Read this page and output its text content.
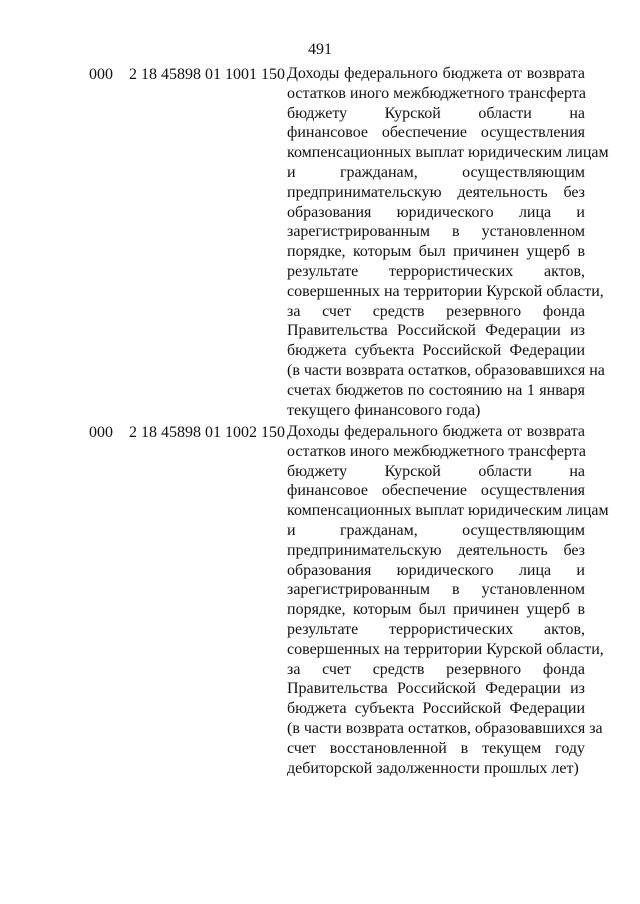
491
000 2 18 45898 01 1001 150 Доходы федерального бюджета от возврата
остатков иного межбюджетного трансферта
бюджету Курской области на
финансовое обеспечение осуществления
компенсационных выплат юридическим лицам
и гражданам, осуществляющим
предпринимательскую деятельность без
образования юридического лица и
зарегистрированным в установленном
порядке, которым был причинен ущерб в
результате террористических актов,
совершенных на территории Курской области,
за счет средств резервного фонда
Правительства Российской Федерации из
бюджета субъекта Российской Федерации
(в части возврата остатков, образовавшихся на
счетах бюджетов по состоянию на 1 января
текущего финансового года)
000 2 18 45898 01 1002 150 Доходы федерального бюджета от возврата
остатков иного межбюджетного трансферта
бюджету Курской области на
финансовое обеспечение осуществления
компенсационных выплат юридическим лицам
и гражданам, осуществляющим
предпринимательскую деятельность без
образования юридического лица и
зарегистрированным в установленном
порядке, которым был причинен ущерб в
результате террористических актов,
совершенных на территории Курской области,
за счет средств резервного фонда
Правительства Российской Федерации из
бюджета субъекта Российской Федерации
(в части возврата остатков, образовавшихся за
счет восстановленной в текущем году
дебиторской задолженности прошлых лет)
